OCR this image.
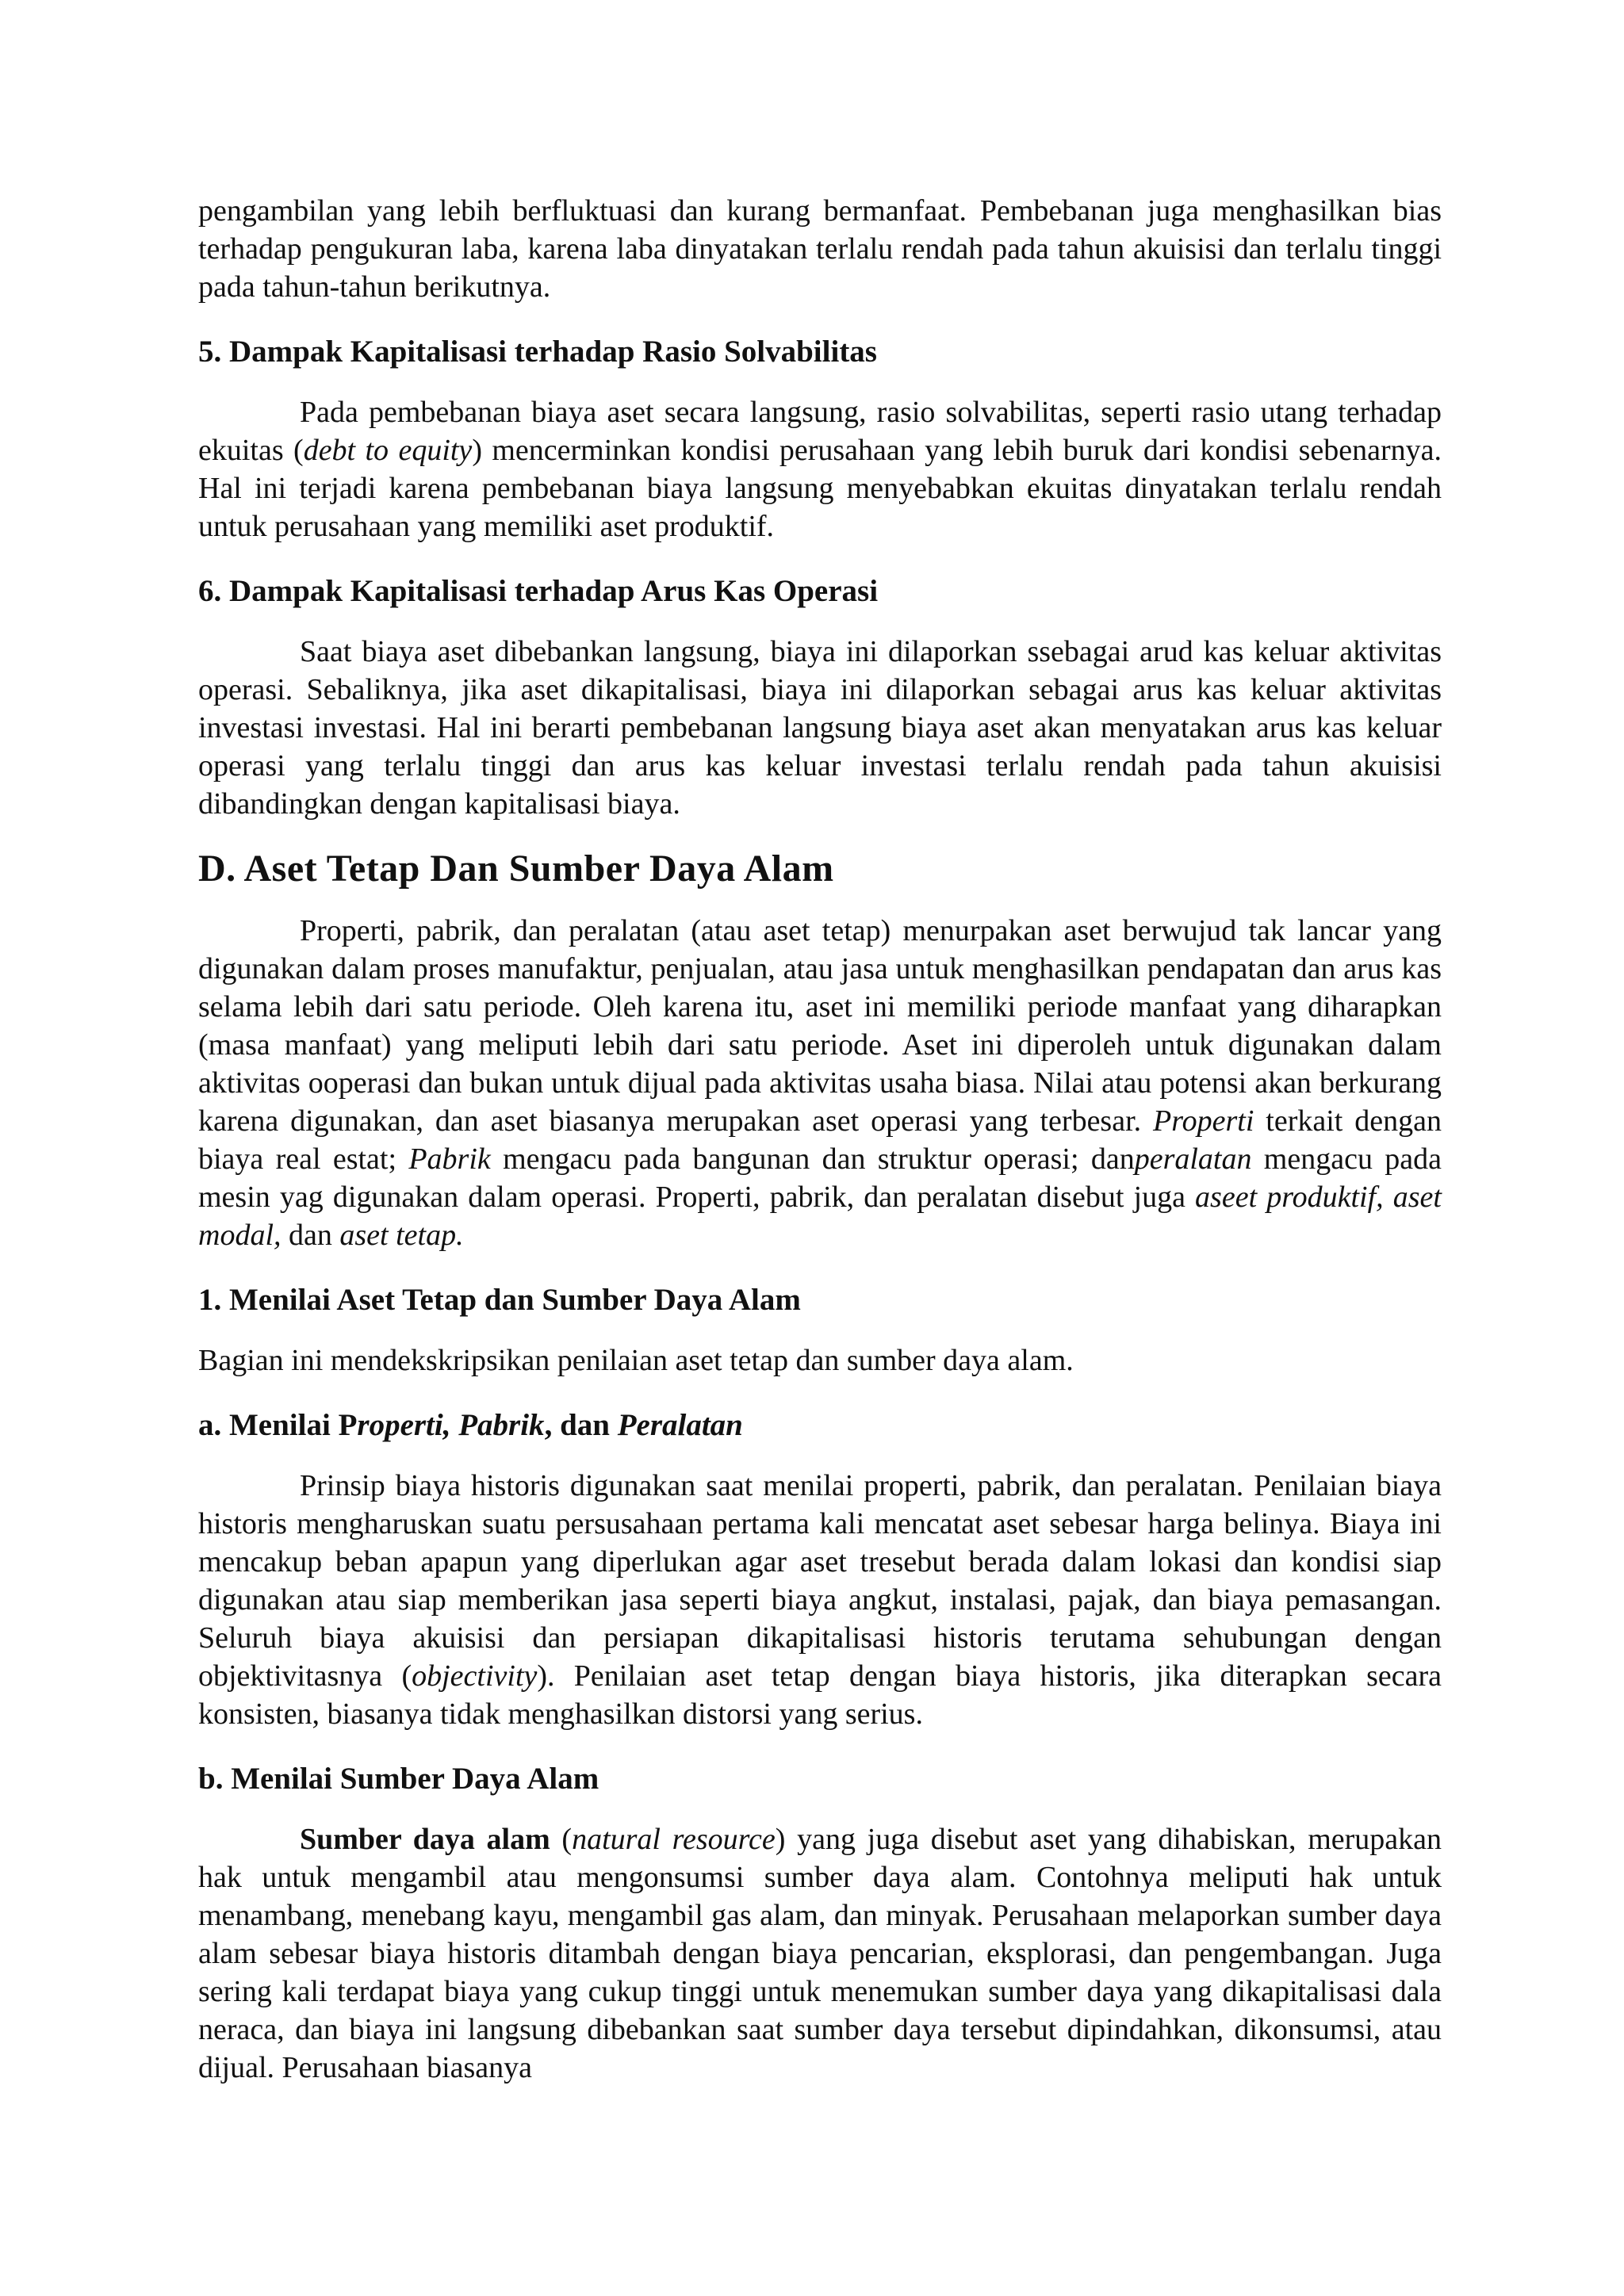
pengambilan yang lebih berfluktuasi dan kurang bermanfaat. Pembebanan juga menghasilkan bias terhadap pengukuran laba, karena laba dinyatakan terlalu rendah pada tahun akuisisi dan terlalu tinggi pada tahun-tahun berikutnya.

5. Dampak Kapitalisasi terhadap Rasio Solvabilitas

Pada pembebanan biaya aset secara langsung, rasio solvabilitas, seperti rasio utang terhadap ekuitas (debt to equity) mencerminkan kondisi perusahaan yang lebih buruk dari kondisi sebenarnya. Hal ini terjadi karena pembebanan biaya langsung menyebabkan ekuitas dinyatakan terlalu rendah untuk perusahaan yang memiliki aset produktif.

6. Dampak Kapitalisasi terhadap Arus Kas Operasi

Saat biaya aset dibebankan langsung, biaya ini dilaporkan ssebagai arud kas keluar aktivitas operasi. Sebaliknya, jika aset dikapitalisasi, biaya ini dilaporkan sebagai arus kas keluar aktivitas investasi investasi. Hal ini berarti pembebanan langsung biaya aset akan menyatakan arus kas keluar operasi yang terlalu tinggi dan arus kas keluar investasi terlalu rendah pada tahun akuisisi dibandingkan dengan kapitalisasi biaya.

D. Aset Tetap Dan Sumber Daya Alam

Properti, pabrik, dan peralatan (atau aset tetap) menurpakan aset berwujud tak lancar yang digunakan dalam proses manufaktur, penjualan, atau jasa untuk menghasilkan pendapatan dan arus kas selama lebih dari satu periode. Oleh karena itu, aset ini memiliki periode manfaat yang diharapkan (masa manfaat) yang meliputi lebih dari satu periode. Aset ini diperoleh untuk digunakan dalam aktivitas ooperasi dan bukan untuk dijual pada aktivitas usaha biasa. Nilai atau potensi akan berkurang karena digunakan, dan aset biasanya merupakan aset operasi yang terbesar. Properti terkait dengan biaya real estat; Pabrik mengacu pada bangunan dan struktur operasi; danperalatan mengacu pada mesin yag digunakan dalam operasi. Properti, pabrik, dan peralatan disebut juga aseet produktif, aset modal, dan aset tetap.

1. Menilai Aset Tetap dan Sumber Daya Alam

Bagian ini mendekskripsikan penilaian aset tetap dan sumber daya alam.

a. Menilai Properti, Pabrik, dan Peralatan

Prinsip biaya historis digunakan saat menilai properti, pabrik, dan peralatan. Penilaian biaya historis mengharuskan suatu persusahaan pertama kali mencatat aset sebesar harga belinya. Biaya ini mencakup beban apapun yang diperlukan agar aset tresebut berada dalam lokasi dan kondisi siap digunakan atau siap memberikan jasa seperti biaya angkut, instalasi, pajak, dan biaya pemasangan. Seluruh biaya akuisisi dan persiapan dikapitalisasi historis terutama sehubungan dengan objektivitasnya (objectivity). Penilaian aset tetap dengan biaya historis, jika diterapkan secara konsisten, biasanya tidak menghasilkan distorsi yang serius.

b. Menilai Sumber Daya Alam

Sumber daya alam (natural resource) yang juga disebut aset yang dihabiskan, merupakan hak untuk mengambil atau mengonsumsi sumber daya alam. Contohnya meliputi hak untuk menambang, menebang kayu, mengambil gas alam, dan minyak. Perusahaan melaporkan sumber daya alam sebesar biaya historis ditambah dengan biaya pencarian, eksplorasi, dan pengembangan. Juga sering kali terdapat biaya yang cukup tinggi untuk menemukan sumber daya yang dikapitalisasi dala neraca, dan biaya ini langsung dibebankan saat sumber daya tersebut dipindahkan, dikonsumsi, atau dijual. Perusahaan biasanya
